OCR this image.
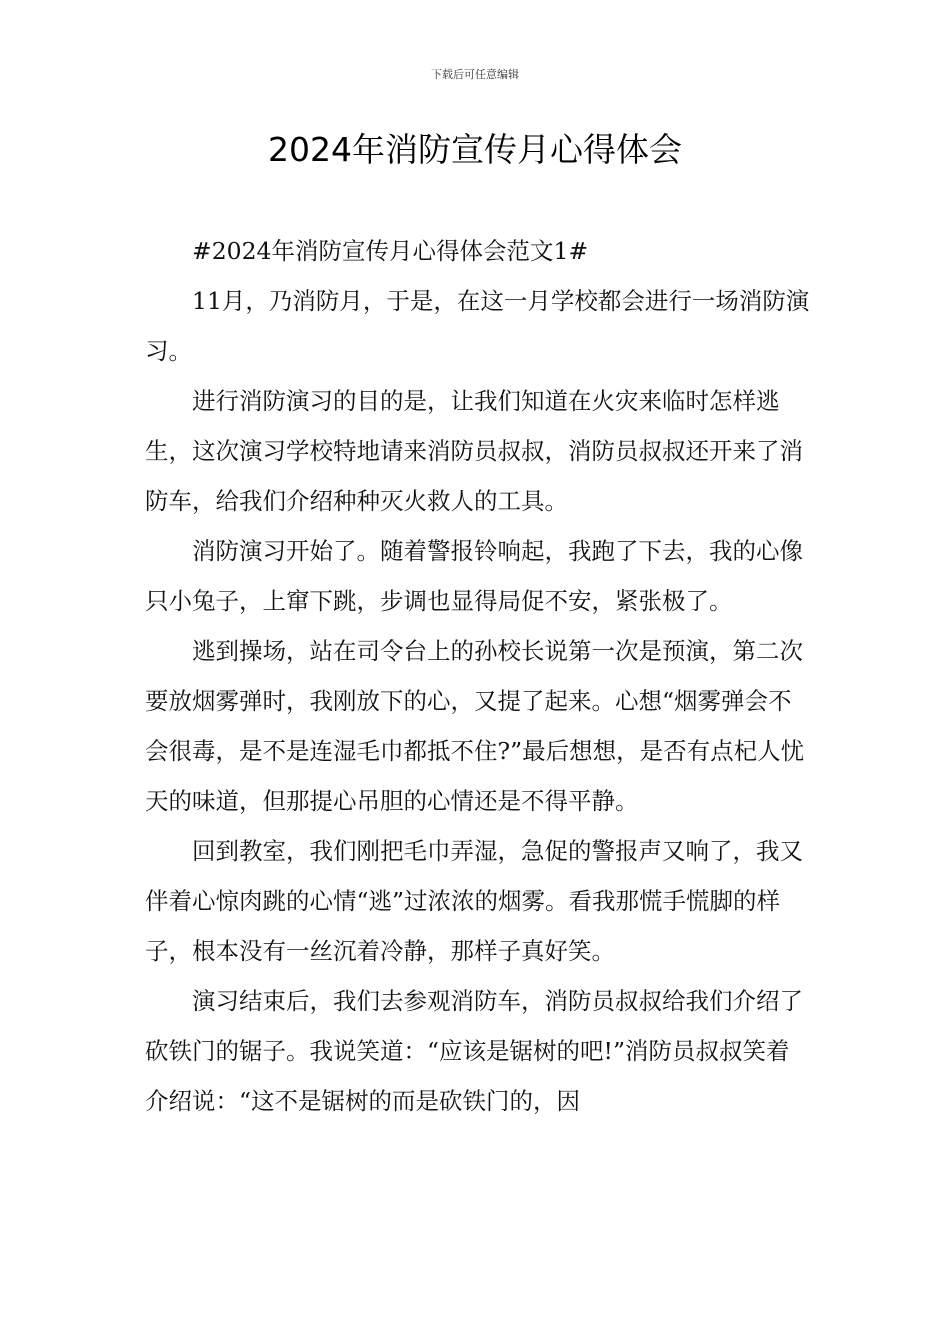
下载后可任意编辑
2024年消防宣传月心得体会

#2024年消防宣传月心得体会范文1#

11月，乃消防月，于是，在这一月学校都会进行一场消防演习。

进行消防演习的目的是，让我们知道在火灾来临时怎样逃生，这次演习学校特地请来消防员叔叔，消防员叔叔还开来了消防车，给我们介绍种种灭火救人的工具。

消防演习开始了。随着警报铃响起，我跑了下去，我的心像只小兔子，上窜下跳，步调也显得局促不安，紧张极了。

逃到操场，站在司令台上的孙校长说第一次是预演，第二次要放烟雾弹时，我刚放下的心，又提了起来。心想“烟雾弹会不会很毒，是不是连湿毛巾都抵不住?”最后想想，是否有点杞人忧天的味道，但那提心吊胆的心情还是不得平静。

回到教室，我们刚把毛巾弄湿，急促的警报声又响了，我又伴着心惊肉跳的心情“逃”过浓浓的烟雾。看我那慌手慌脚的样子，根本没有一丝沉着冷静，那样子真好笑。

演习结束后，我们去参观消防车，消防员叔叔给我们介绍了砍铁门的锯子。我说笑道：“应该是锯树的吧!”消防员叔叔笑着介绍说：“这不是锯树的而是砍铁门的，因
